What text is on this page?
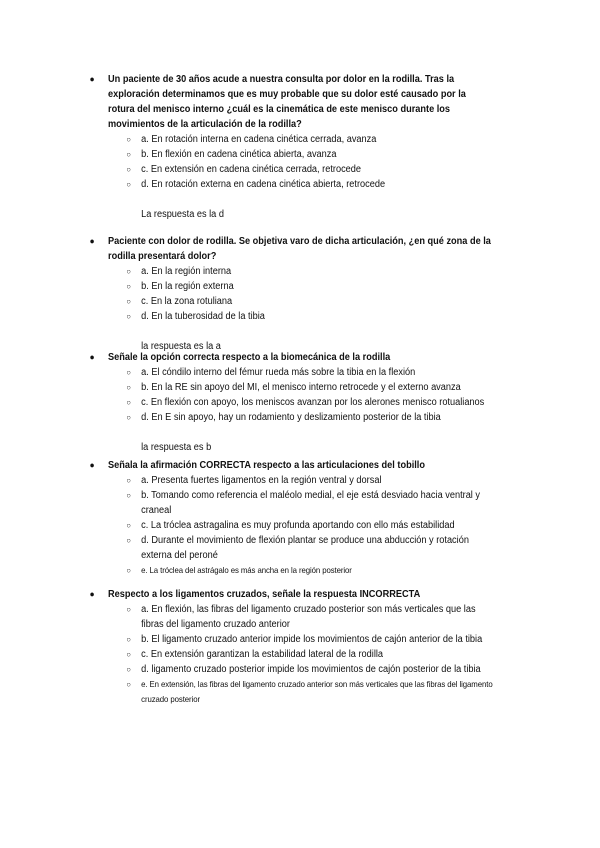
● Un paciente de 30 años acude a nuestra consulta por dolor en la rodilla. Tras la exploración determinamos que es muy probable que su dolor esté causado por la rotura del menisco interno ¿cuál es la cinemática de este menisco durante los movimientos de la articulación de la rodilla?
○ a. En rotación interna en cadena cinética cerrada, avanza
○ b. En flexión en cadena cinética abierta, avanza
○ c. En extensión en cadena cinética cerrada, retrocede
○ d. En rotación externa en cadena cinética abierta, retrocede
La respuesta es la d
● Paciente con dolor de rodilla. Se objetiva varo de dicha articulación, ¿en qué zona de la rodilla presentará dolor?
○ a. En la región interna
○ b. En la región externa
○ c. En la zona rotuliana
○ d. En la tuberosidad de la tibia
la respuesta es la a
● Señale la opción correcta respecto a la biomecánica de la rodilla
○ a. El cóndilo interno del fémur rueda más sobre la tibia en la flexión
○ b. En la RE sin apoyo del MI, el menisco interno retrocede y el externo avanza
○ c. En flexión con apoyo, los meniscos avanzan por los alerones menisco rotualianos
○ d. En E sin apoyo, hay un rodamiento y deslizamiento posterior de la tibia
la respuesta es b
● Señala la afirmación CORRECTA respecto a las articulaciones del tobillo
○ a. Presenta fuertes ligamentos en la región ventral y dorsal
○ b. Tomando como referencia el maléolo medial, el eje está desviado hacia ventral y craneal
○ c. La tróclea astragalina es muy profunda aportando con ello más estabilidad
○ d. Durante el movimiento de flexión plantar se produce una abducción y rotación externa del peroné
○ e. La tróclea del astrágalo es más ancha en la región posterior
● Respecto a los ligamentos cruzados, señale la respuesta INCORRECTA
○ a. En flexión, las fibras del ligamento cruzado posterior son más verticales que las fibras del ligamento cruzado anterior
○ b. El ligamento cruzado anterior impide los movimientos de cajón anterior de la tibia
○ c. En extensión garantizan la estabilidad lateral de la rodilla
○ d. ligamento cruzado posterior impide los movimientos de cajón posterior de la tibia
○ e. En extensión, las fibras del ligamento cruzado anterior son más verticales que las fibras del ligamento cruzado posterior
